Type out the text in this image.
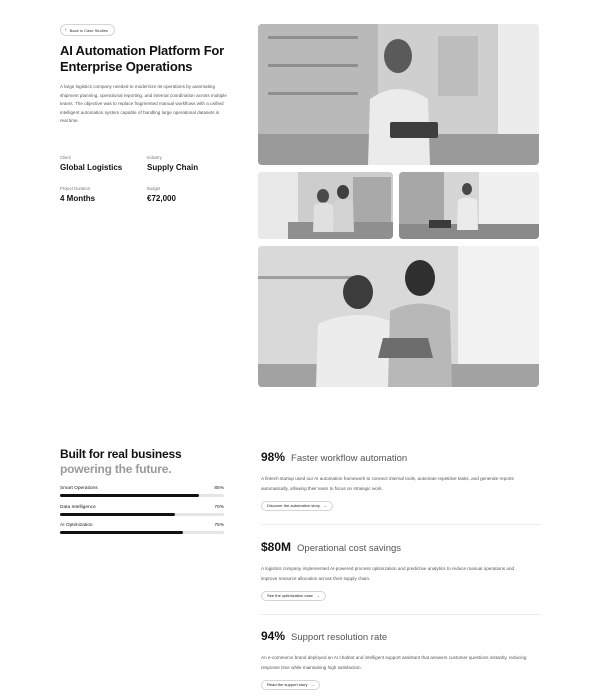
‹ Back to Case Studies
AI Automation Platform For Enterprise Operations

A large logistics company needed to modernize its operations by automating shipment planning, operational reporting, and internal coordination across multiple teams. The objective was to replace fragmented manual workflows with a unified intelligent automation system capable of handling large operational datasets in real time.

Client
Global Logistics
Industry
Supply Chain
Project Duration
4 Months
Budget
€72,000
Built for real business
powering the future.
Smart Operations	85%
Data Intelligence	70%
AI Optimization	75%
98% Faster workflow automation

A fintech startup used our AI automation framework to connect internal tools, automate repetitive tasks, and generate reports automatically, allowing their team to focus on strategic work.

Discover the automation story →
$80M Operational cost savings

A logistics company implemented AI-powered process optimization and predictive analytics to reduce manual operations and improve resource allocation across their supply chain.

See the optimization case →
94% Support resolution rate

An e-commerce brand deployed an AI chatbot and intelligent support assistant that answers customer questions instantly, reducing response time while maintaining high satisfaction.

Read the support story →
